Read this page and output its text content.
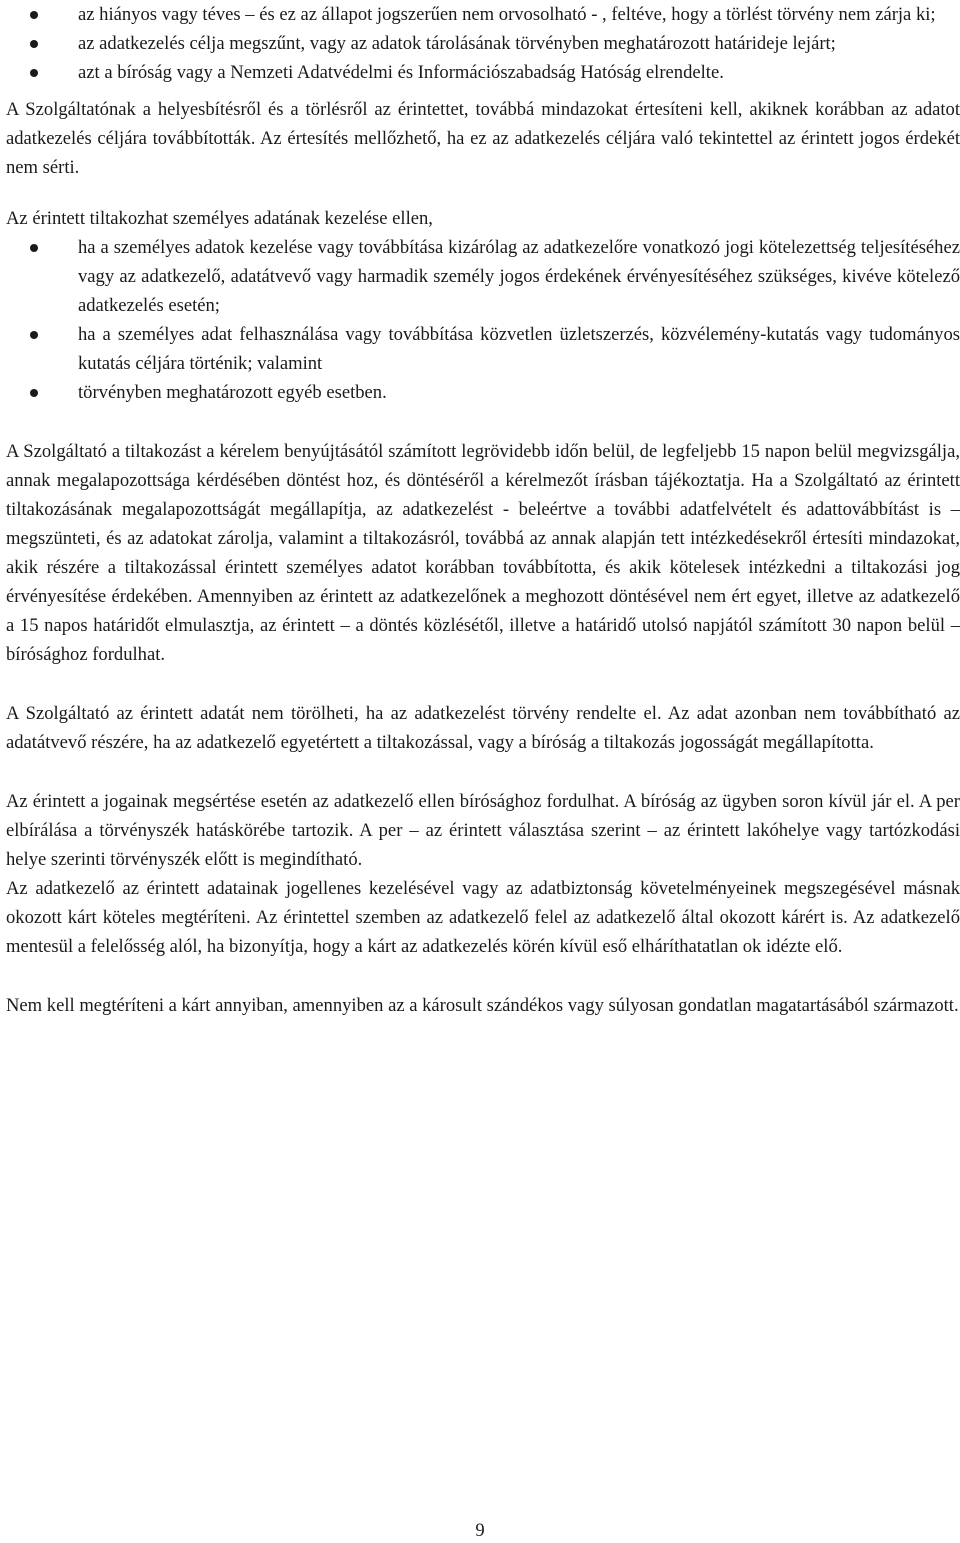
az hiányos vagy téves – és ez az állapot jogszerűen nem orvosolható - , feltéve, hogy a törlést törvény nem zárja ki;
az adatkezelés célja megszűnt, vagy az adatok tárolásának törvényben meghatározott határideje lejárt;
azt a bíróság vagy a Nemzeti Adatvédelmi és Információszabadság Hatóság elrendelte.

A Szolgáltatónak a helyesbítésről és a törlésről az érintettet, továbbá mindazokat értesíteni kell, akiknek korábban az adatot adatkezelés céljára továbbították. Az értesítés mellőzhető, ha ez az adatkezelés céljára való tekintettel az érintett jogos érdekét nem sérti.

Az érintett tiltakozhat személyes adatának kezelése ellen,

ha a személyes adatok kezelése vagy továbbítása kizárólag az adatkezelőre vonatkozó jogi kötelezettség teljesítéséhez vagy az adatkezelő, adatátvevő vagy harmadik személy jogos érdekének érvényesítéséhez szükséges, kivéve kötelező adatkezelés esetén;
ha a személyes adat felhasználása vagy továbbítása közvetlen üzletszerzés, közvélemény-kutatás vagy tudományos kutatás céljára történik; valamint
törvényben meghatározott egyéb esetben.

A Szolgáltató a tiltakozást a kérelem benyújtásától számított legrövidebb időn belül, de legfeljebb 15 napon belül megvizsgálja, annak megalapozottsága kérdésében döntést hoz, és döntéséről a kérelmezőt írásban tájékoztatja. Ha a Szolgáltató az érintett tiltakozásának megalapozottságát megállapítja, az adatkezelést - beleértve a további adatfelvételt és adattovábbítást is – megszünteti, és az adatokat zárolja, valamint a tiltakozásról, továbbá az annak alapján tett intézkedésekről értesíti mindazokat, akik részére a tiltakozással érintett személyes adatot korábban továbbította, és akik kötelesek intézkedni a tiltakozási jog érvényesítése érdekében. Amennyiben az érintett az adatkezelőnek a meghozott döntésével nem ért egyet, illetve az adatkezelő a 15 napos határidőt elmulasztja, az érintett – a döntés közlésétől, illetve a határidő utolsó napjától számított 30 napon belül – bírósághoz fordulhat.

A Szolgáltató az érintett adatát nem törölheti, ha az adatkezelést törvény rendelte el. Az adat azonban nem továbbítható az adatátvevő részére, ha az adatkezelő egyetértett a tiltakozással, vagy a bíróság a tiltakozás jogosságát megállapította.

Az érintett a jogainak megsértése esetén az adatkezelő ellen bírósághoz fordulhat. A bíróság az ügyben soron kívül jár el. A per elbírálása a törvényszék hatáskörébe tartozik. A per – az érintett választása szerint – az érintett lakóhelye vagy tartózkodási helye szerinti törvényszék előtt is megindítható.

Az adatkezelő az érintett adatainak jogellenes kezelésével vagy az adatbiztonság követelményeinek megszegésével másnak okozott kárt köteles megtéríteni. Az érintettel szemben az adatkezelő felel az adatkezelő által okozott kárért is. Az adatkezelő mentesül a felelősség alól, ha bizonyítja, hogy a kárt az adatkezelés körén kívül eső elháríthatatlan ok idézte elő.

Nem kell megtéríteni a kárt annyiban, amennyiben az a károsult szándékos vagy súlyosan gondatlan magatartásából származott.

9
